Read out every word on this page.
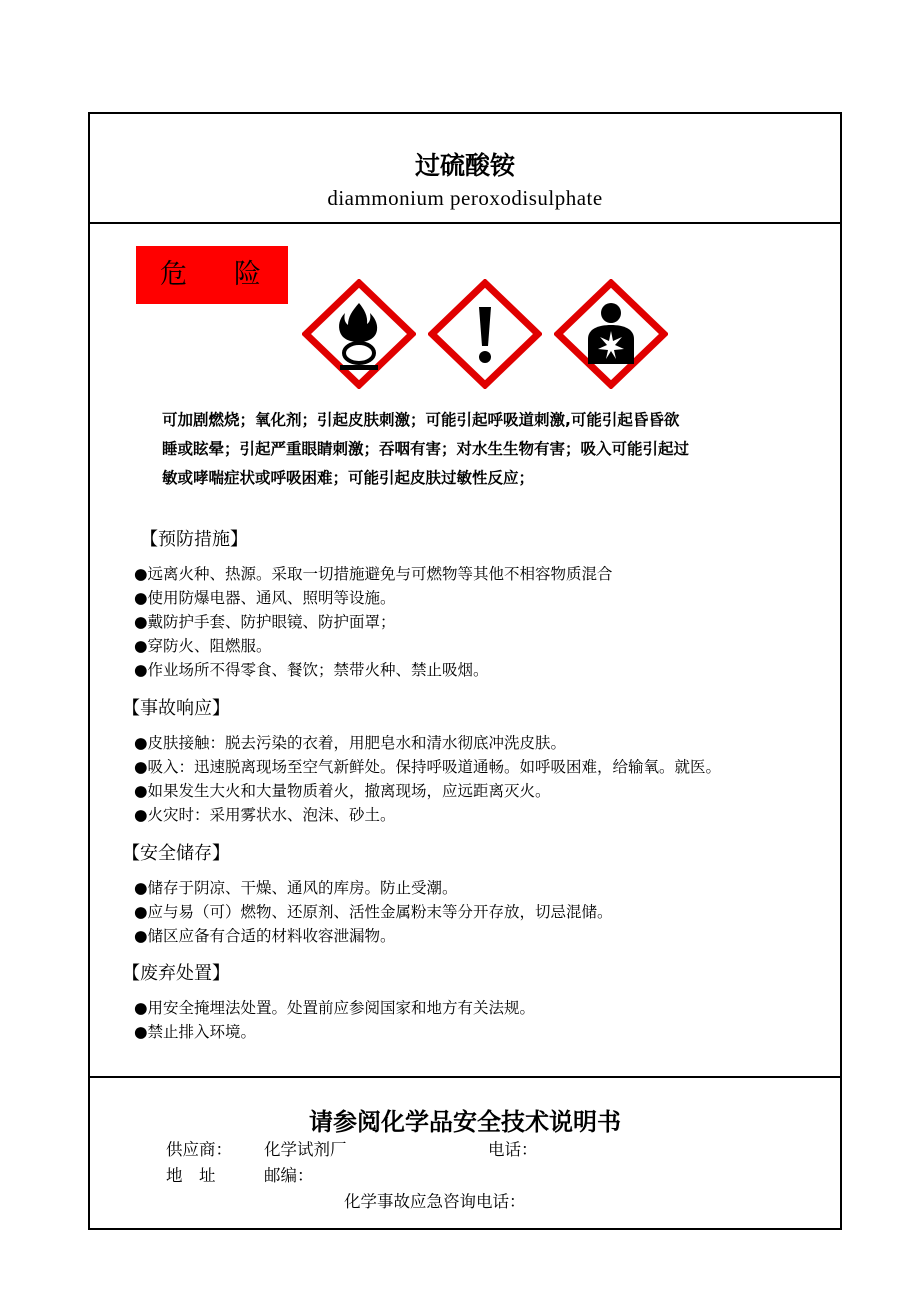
过硫酸铵
diammonium peroxodisulphate
危 险
可加剧燃烧；氧化剂；引起皮肤刺激；可能引起呼吸道刺激,可能引起昏昏欲
睡或眩晕；引起严重眼睛刺激；吞咽有害；对水生生物有害；吸入可能引起过
敏或哮喘症状或呼吸困难；可能引起皮肤过敏性反应；
【预防措施】
●远离火种、热源。采取一切措施避免与可燃物等其他不相容物质混合
●使用防爆电器、通风、照明等设施。
●戴防护手套、防护眼镜、防护面罩；
●穿防火、阻燃服。
●作业场所不得零食、餐饮；禁带火种、禁止吸烟。
【事故响应】
●皮肤接触：脱去污染的衣着，用肥皂水和清水彻底冲洗皮肤。
●吸入：迅速脱离现场至空气新鲜处。保持呼吸道通畅。如呼吸困难，给输氧。就医。
●如果发生大火和大量物质着火，撤离现场，应远距离灭火。
●火灾时：采用雾状水、泡沫、砂土。
【安全储存】
●储存于阴凉、干燥、通风的库房。防止受潮。
●应与易（可）燃物、还原剂、活性金属粉末等分开存放，切忌混储。
●储区应备有合适的材料收容泄漏物。
【废弃处置】
●用安全掩埋法处置。处置前应参阅国家和地方有关法规。
●禁止排入环境。
请参阅化学品安全技术说明书
供应商： 化学试剂厂	电话：
地　址	邮编：
化学事故应急咨询电话：
